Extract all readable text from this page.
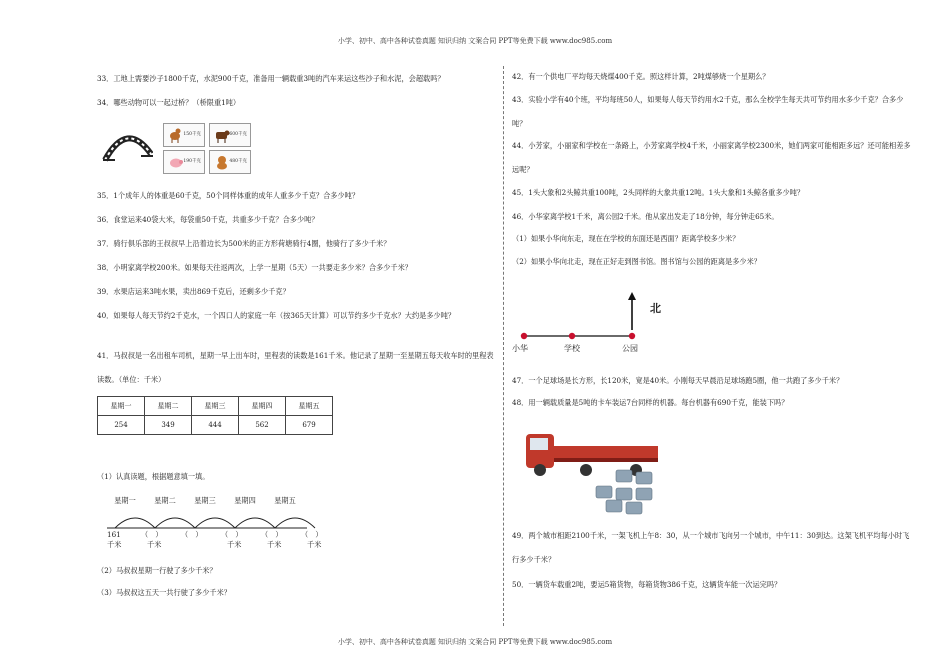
小学、初中、高中各种试卷真题 知识归纳 文案合同 PPT等免费下载 www.doc985.com
33．工地上需要沙子1800千克，水泥900千克，准备用一辆载重3吨的汽车来运这些沙子和水泥，会超载吗？
34．哪些动物可以一起过桥？（桥限重1吨）
150千克	600千克
190千克	480千克
35．1个成年人的体重是60千克，50个同样体重的成年人重多少千克？合多少吨？
36．食堂运来40袋大米，每袋重50千克，共重多少千克？合多少吨？
37．骑行俱乐部的王叔叔早上沿着边长为500米的正方形荷塘骑行4圈，他骑行了多少千米？
38．小明家离学校200米。如果每天往返两次，上学一星期（5天）一共要走多少米？合多少千米？
39．水果店运来3吨水果，卖出869千克后，还剩多少千克？
40．如果每人每天节约2千克水，一个四口人的家庭一年（按365天计算）可以节约多少千克水？大约是多少吨？
41．马叔叔是一名出租车司机，星期一早上出车时，里程表的读数是161千米。他记录了星期一至星期五每天收车时的里程表读数。（单位：千米）
星期一	星期二	星期三	星期四	星期五
254	349	444	562	679
（1）认真读题，根据题意填一填。
星期一	星期二	星期三	星期四	星期五
161
千米
（　）
千米
（　）	（　）
千米
（　）
千米
（　）
千米
（2）马叔叔星期一行驶了多少千米？
（3）马叔叔这五天一共行驶了多少千米？
42．有一个供电厂平均每天烧煤400千克。照这样计算，2吨煤够烧一个星期么？
43．实验小学有40个班，平均每班50人，如果每人每天节约用水2千克，那么全校学生每天共可节约用水多少千克？合多少吨？
44．小芳家，小丽家和学校在一条路上，小芳家离学校4千米，小丽家离学校2300米，她们两家可能相距多远？还可能相差多远呢？
45．1头大象和2头鲸共重100吨，2头同样的大象共重12吨。1头大象和1头鲸各重多少吨？
46．小华家离学校1千米，离公园2千米。他从家出发走了18分钟，每分钟走65米。
（1）如果小华向东走，现在在学校的东面还是西面？距离学校多少米？
（2）如果小华向北走，现在正好走到图书馆。图书馆与公园的距离是多少米？
北
小华	学校	公园
47．一个足球场是长方形，长120米，宽是40米。小刚每天早晨沿足球场跑5圈，他一共跑了多少千米？
48．用一辆载质量是5吨的卡车装运7台同样的机器。每台机器有690千克，能装下吗？
49．两个城市相距2100千米，一架飞机上午8：30，从一个城市飞向另一个城市，中午11：30到达。这架飞机平均每小时飞行多少千米？
50．一辆货车载重2吨，要运5箱货物，每箱货物386千克，这辆货车能一次运完吗？
小学、初中、高中各种试卷真题 知识归纳 文案合同 PPT等免费下载 www.doc985.com
